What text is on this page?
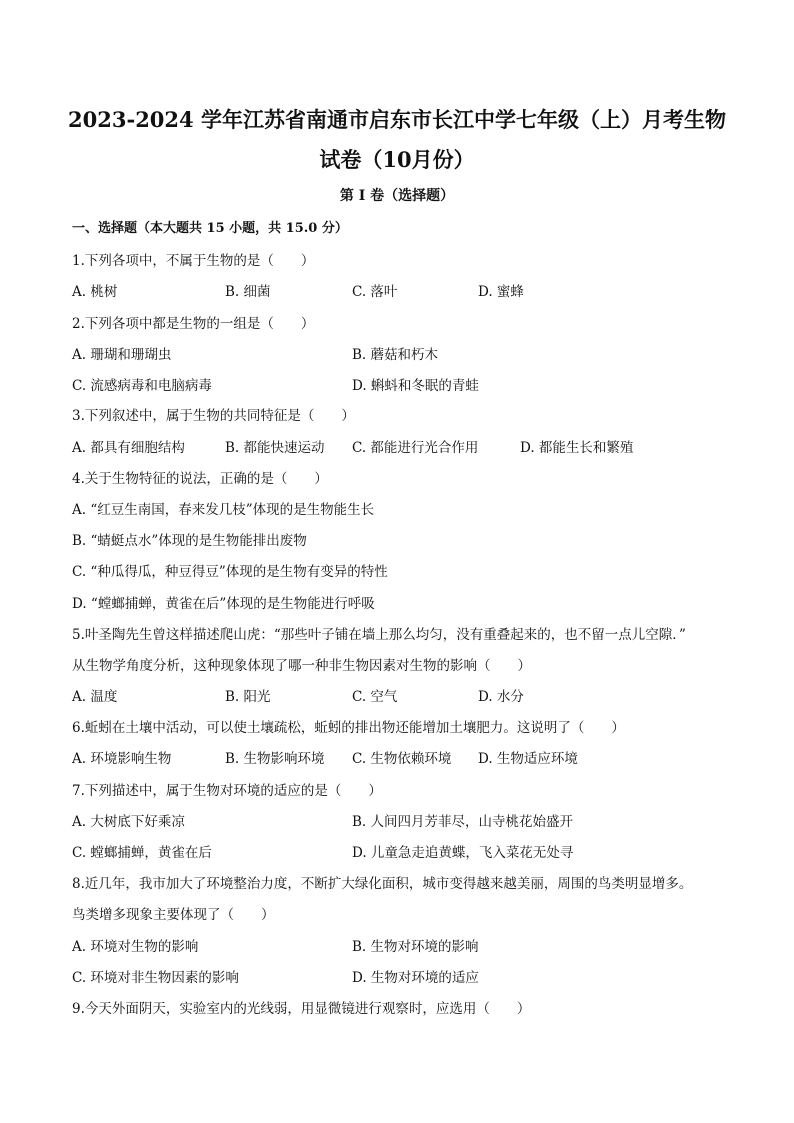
2023-2024 学年江苏省南通市启东市长江中学七年级（上）月考生物试卷（10月份）
第 I 卷（选择题）
一、选择题（本大题共 15 小题，共 15.0 分）
1.下列各项中，不属于生物的是（　　）
A. 桃树	B. 细菌	C. 落叶	D. 蜜蜂
2.下列各项中都是生物的一组是（　　）
A. 珊瑚和珊瑚虫	B. 蘑菇和朽木
C. 流感病毒和电脑病毒	D. 蝌蚪和冬眠的青蛙
3.下列叙述中，属于生物的共同特征是（　　）
A. 都具有细胞结构	B. 都能快速运动 C. 都能进行光合作用	D. 都能生长和繁殖
4.关于生物特征的说法，正确的是（　　）
A. “红豆生南国，春来发几枝”体现的是生物能生长
B. “蜻蜓点水”体现的是生物能排出废物
C. “种瓜得瓜，种豆得豆”体现的是生物有变异的特性
D. “螳螂捕蝉，黄雀在后”体现的是生物能进行呼吸
5.叶圣陶先生曾这样描述爬山虎：“那些叶子铺在墙上那么均匀，没有重叠起来的，也不留一点儿空隙．”
从生物学角度分析，这种现象体现了哪一种非生物因素对生物的影响（　　）
A. 温度	B. 阳光	C. 空气	D. 水分
6.蚯蚓在土壤中活动，可以使土壤疏松，蚯蚓的排出物还能增加土壤肥力。这说明了（　　）
A. 环境影响生物	B. 生物影响环境 C. 生物依赖环境 D. 生物适应环境
7.下列描述中，属于生物对环境的适应的是（　　）
A. 大树底下好乘凉	B. 人间四月芳菲尽，山寺桃花始盛开
C. 螳螂捕蝉，黄雀在后	D. 儿童急走追黄蝶，飞入菜花无处寻
8.近几年，我市加大了环境整治力度，不断扩大绿化面积，城市变得越来越美丽，周围的鸟类明显增多。
鸟类增多现象主要体现了（　　）
A. 环境对生物的影响	B. 生物对环境的影响
C. 环境对非生物因素的影响	D. 生物对环境的适应
9.今天外面阴天，实验室内的光线弱，用显微镜进行观察时，应选用（　　）
